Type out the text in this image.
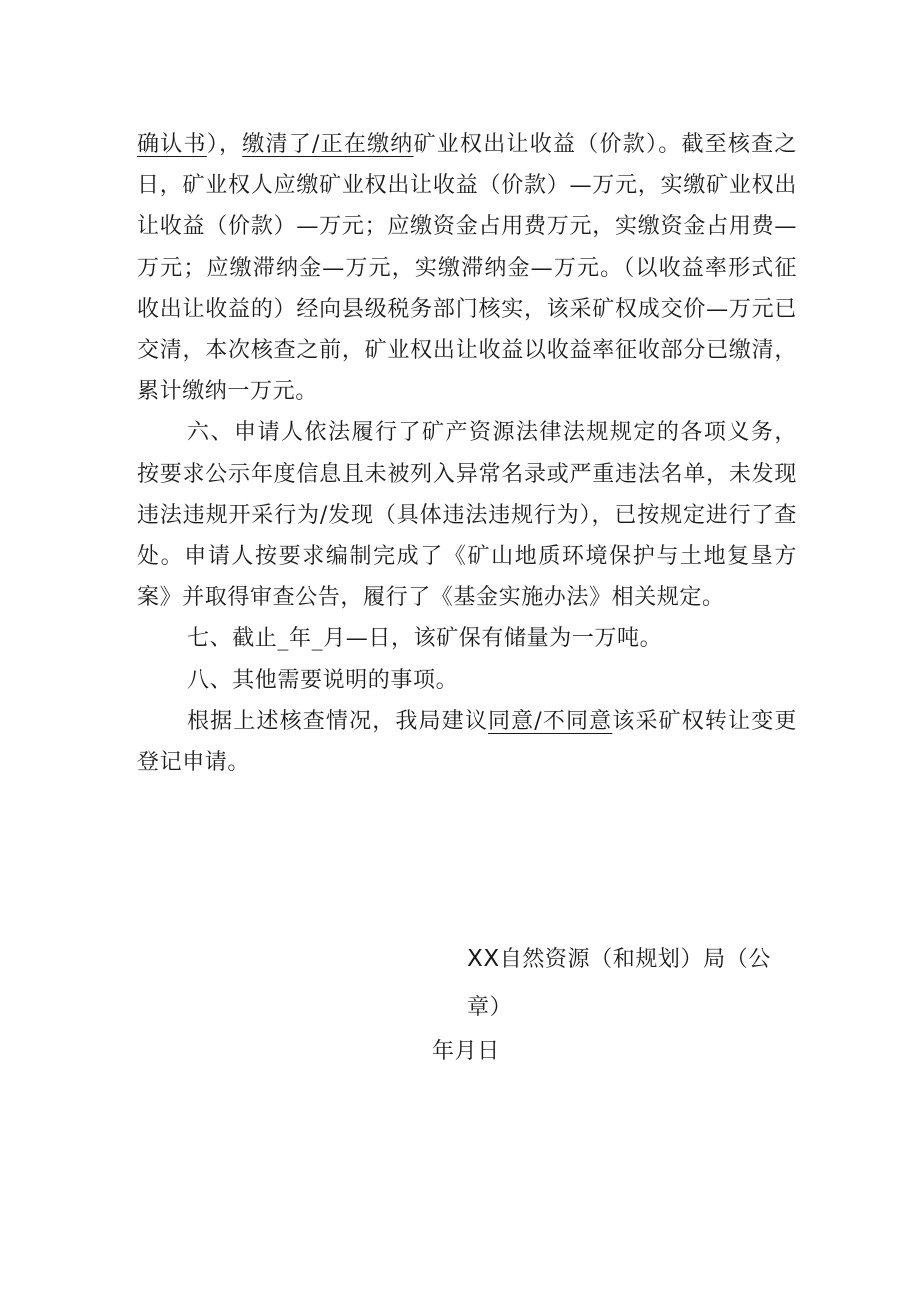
确认书），缴清了/正在缴纳矿业权出让收益（价款）。截至核查之日，矿业权人应缴矿业权出让收益（价款）—万元，实缴矿业权出让收益（价款）—万元；应缴资金占用费万元，实缴资金占用费—万元；应缴滞纳金—万元，实缴滞纳金—万元。（以收益率形式征收出让收益的）经向县级税务部门核实，该采矿权成交价—万元已交清，本次核查之前，矿业权出让收益以收益率征收部分已缴清，累计缴纳一万元。

六、申请人依法履行了矿产资源法律法规规定的各项义务，按要求公示年度信息且未被列入异常名录或严重违法名单，未发现违法违规开采行为/发现（具体违法违规行为），已按规定进行了查处。申请人按要求编制完成了《矿山地质环境保护与土地复垦方案》并取得审查公告，履行了《基金实施办法》相关规定。

七、截止_年_月—日，该矿保有储量为一万吨。

八、其他需要说明的事项。

根据上述核查情况，我局建议同意/不同意该采矿权转让变更登记申请。

XX自然资源（和规划）局（公章）
年月日
